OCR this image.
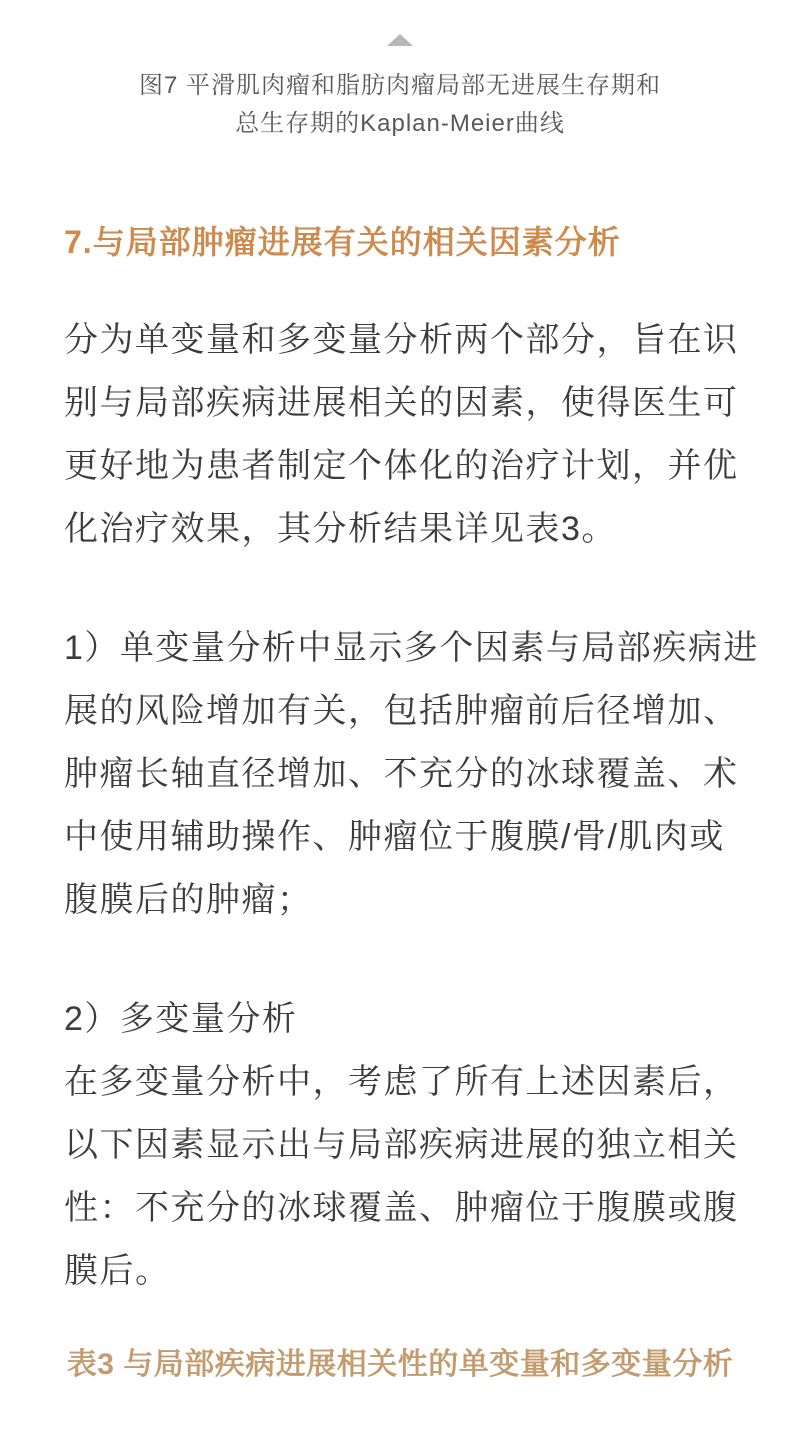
图7 平滑肌肉瘤和脂肪肉瘤局部无进展生存期和
总生存期的Kaplan-Meier曲线
7.与局部肿瘤进展有关的相关因素分析
分为单变量和多变量分析两个部分，旨在识
别与局部疾病进展相关的因素，使得医生可
更好地为患者制定个体化的治疗计划，并优
化治疗效果，其分析结果详见表3。
1）单变量分析中显示多个因素与局部疾病进
展的风险增加有关，包括肿瘤前后径增加、
肿瘤长轴直径增加、不充分的冰球覆盖、术
中使用辅助操作、肿瘤位于腹膜/骨/肌肉或
腹膜后的肿瘤；
2）多变量分析
在多变量分析中，考虑了所有上述因素后，
以下因素显示出与局部疾病进展的独立相关
性：不充分的冰球覆盖、肿瘤位于腹膜或腹
膜后。
表3 与局部疾病进展相关性的单变量和多变量分析
